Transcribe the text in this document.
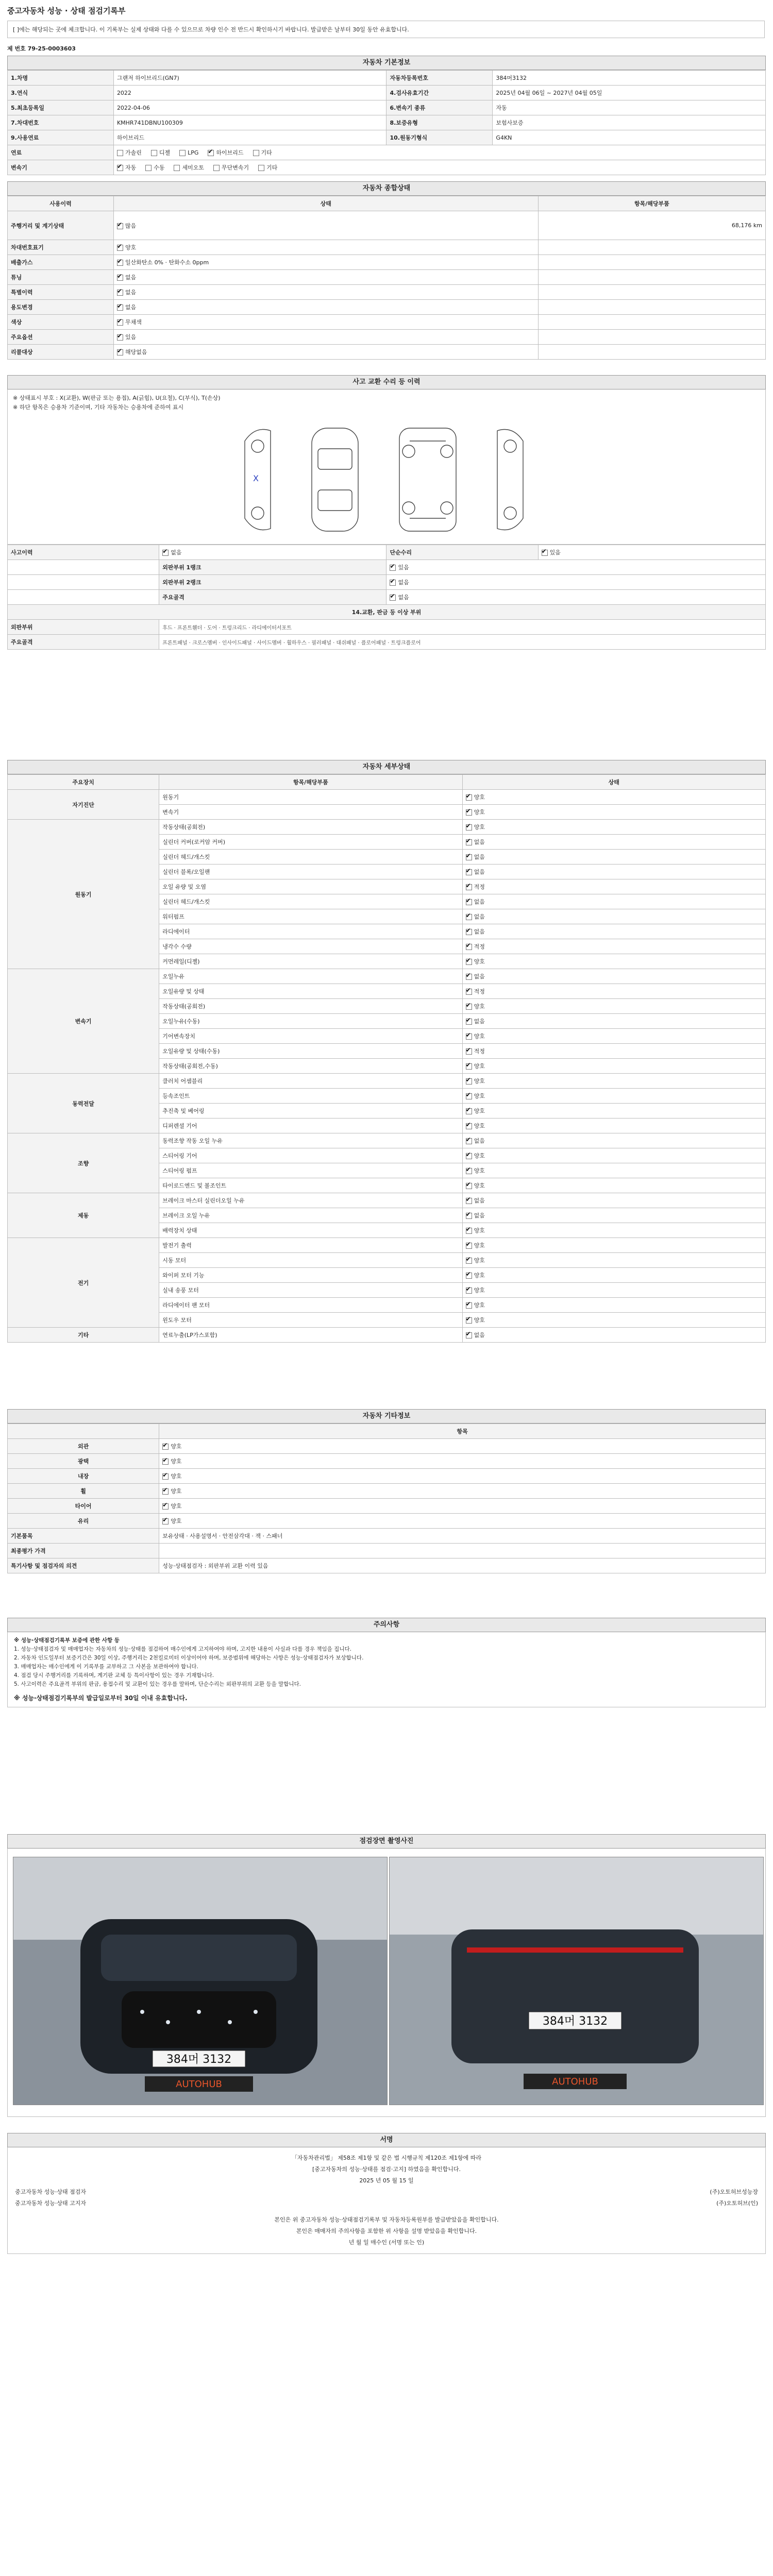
중고자동차 성능 · 상태 점검기록부
[ ]에는 해당되는 곳에 체크합니다. 이 기록부는 실제 상태와 다를 수 있으므로 차량 인수 전 반드시 확인하시기 바랍니다. 발급받은 날부터 30일 동안 유효합니다.
제 번호 79-25-0003603
자동차 기본정보
1.차명	그랜저 하이브리드(GN7)	자동차등록번호	384머3132
3.연식	2022	4.검사유효기간	2025년 04월 06일 ~ 2027년 04월 05일
5.최초등록일	2022-04-06	6.변속기 종류	자동
7.차대번호	KMHR741DBNU100309	8.보증유형	보험사보증
9.사용연료	하이브리드	10.원동기형식	G4KN
연료	가솔린 디젤 LPG ✔ 하이브리드 기타
변속기	✔자동 수동 세미오토 무단변속기 기타
자동차 종합상태
사용이력	상태	항목/해당부품
주행거리 및 계기상태	✔많음	68,176 km
차대번호표기	✔양호	
배출가스	✔일산화탄소 0% · 탄화수소 0ppm	
튜닝	✔없음	
특별이력	✔없음	
용도변경	✔없음	
색상	✔무채색	
주요옵션	✔있음	
리콜대상	✔해당없음	
사고 교환 수리 등 이력
※ 상태표시 부호 : X(교환), W(판금 또는 용접), A(긁힘), U(요철), C(부식), T(손상)
※ 하단 항목은 승용차 기준이며, 기타 자동차는 승용차에 준하여 표시
X
사고이력	✔없음	단순수리	✔있음
	외판부위 1랭크	✔있음
	외판부위 2랭크	✔없음
	주요골격	✔없음
14.교환, 판금 등 이상 부위			
외판부위	후드 · 프론트휀더 · 도어 · 트렁크리드 · 라디에이터서포트		
주요골격	프론트패널 · 크로스멤버 · 인사이드패널 · 사이드멤버 · 휠하우스 · 필러패널 · 대쉬패널 · 플로어패널 · 트렁크플로어		
자동차 세부상태
주요장치	항목/해당부품	상태
자기진단	원동기	✔양호
	변속기	✔양호
원동기	작동상태(공회전)	✔양호
	실린더 커버(로커암 커버)	✔없음
	실린더 헤드/개스킷	✔없음
	실린더 블록/오일팬	✔없음
	오일 유량 및 오염	✔적정
	실린더 헤드/개스킷	✔없음
	워터펌프	✔없음
	라디에이터	✔없음
	냉각수 수량	✔적정
	커먼레일(디젤)	✔양호
변속기	오일누유	✔없음
	오일유량 및 상태	✔적정
	작동상태(공회전)	✔양호
	오일누유(수동)	✔없음
	기어변속장치	✔양호
	오일유량 및 상태(수동)	✔적정
	작동상태(공회전,수동)	✔양호
동력전달	클러치 어셈블리	✔양호
	등속조인트	✔양호
	추진축 및 베어링	✔양호
	디퍼렌셜 기어	✔양호
조향	동력조향 작동 오일 누유	✔없음
	스티어링 기어	✔양호
	스티어링 펌프	✔양호
	타이로드엔드 및 볼조인트	✔양호
제동	브레이크 마스터 실린더오일 누유	✔없음
	브레이크 오일 누유	✔없음
	배력장치 상태	✔양호
전기	발전기 출력	✔양호
	시동 모터	✔양호
	와이퍼 모터 기능	✔양호
	실내 송풍 모터	✔양호
	라디에이터 팬 모터	✔양호
	윈도우 모터	✔양호
기타	연료누출(LP가스포함)	✔없음
자동차 기타정보
	항목
외관	✔양호
광택	✔양호
내장	✔양호
휠	✔양호
타이어	✔양호
유리	✔양호
기본품목	보유상태 · 사용설명서 · 안전삼각대 · 잭 · 스패너
최종평가 가격	
특기사항 및 점검자의 의견	성능·상태점검자 : 외판부위 교환 이력 있음
주의사항

※ 성능·상태점검기록부 보증에 관한 사항 등

1. 성능·상태점검자 및 매매업자는 자동차의 성능·상태를 점검하여 매수인에게 고지하여야 하며, 고지한 내용이 사실과 다를 경우 책임을 집니다.

2. 자동차 인도일부터 보증기간은 30일 이상, 주행거리는 2천킬로미터 이상이어야 하며, 보증범위에 해당하는 사항은 성능·상태점검자가 보상합니다.

3. 매매업자는 매수인에게 이 기록부를 교부하고 그 사본을 보관하여야 합니다.

4. 점검 당시 주행거리를 기록하며, 계기판 교체 등 특이사항이 있는 경우 기재합니다.

5. 사고이력은 주요골격 부위의 판금, 용접수리 및 교환이 있는 경우를 말하며, 단순수리는 외판부위의 교환 등을 말합니다.

※ 성능·상태점검기록부의 발급일로부터 30일 이내 유효합니다.

점검장면 촬영사진
384머 3132
AUTOHUB
384머 3132
AUTOHUB
서명
「자동차관리법」 제58조 제1항 및 같은 법 시행규칙 제120조 제1항에 따라
[중고자동차의 성능·상태를 점검·고지] 하였음을 확인합니다.
2025 년 05 월 15 일
중고자동차 성능·상태 점검자	(주)오토허브성능장
중고자동차 성능·상태 고지자	(주)오토허브(인)
본인은 위 중고자동차 성능·상태점검기록부 및 자동차등록원부를 발급받았음을 확인합니다.
본인은 매매자의 주의사항을 포함한 위 사항을 설명 받았음을 확인합니다.
년 월 일 매수인 (서명 또는 인)
